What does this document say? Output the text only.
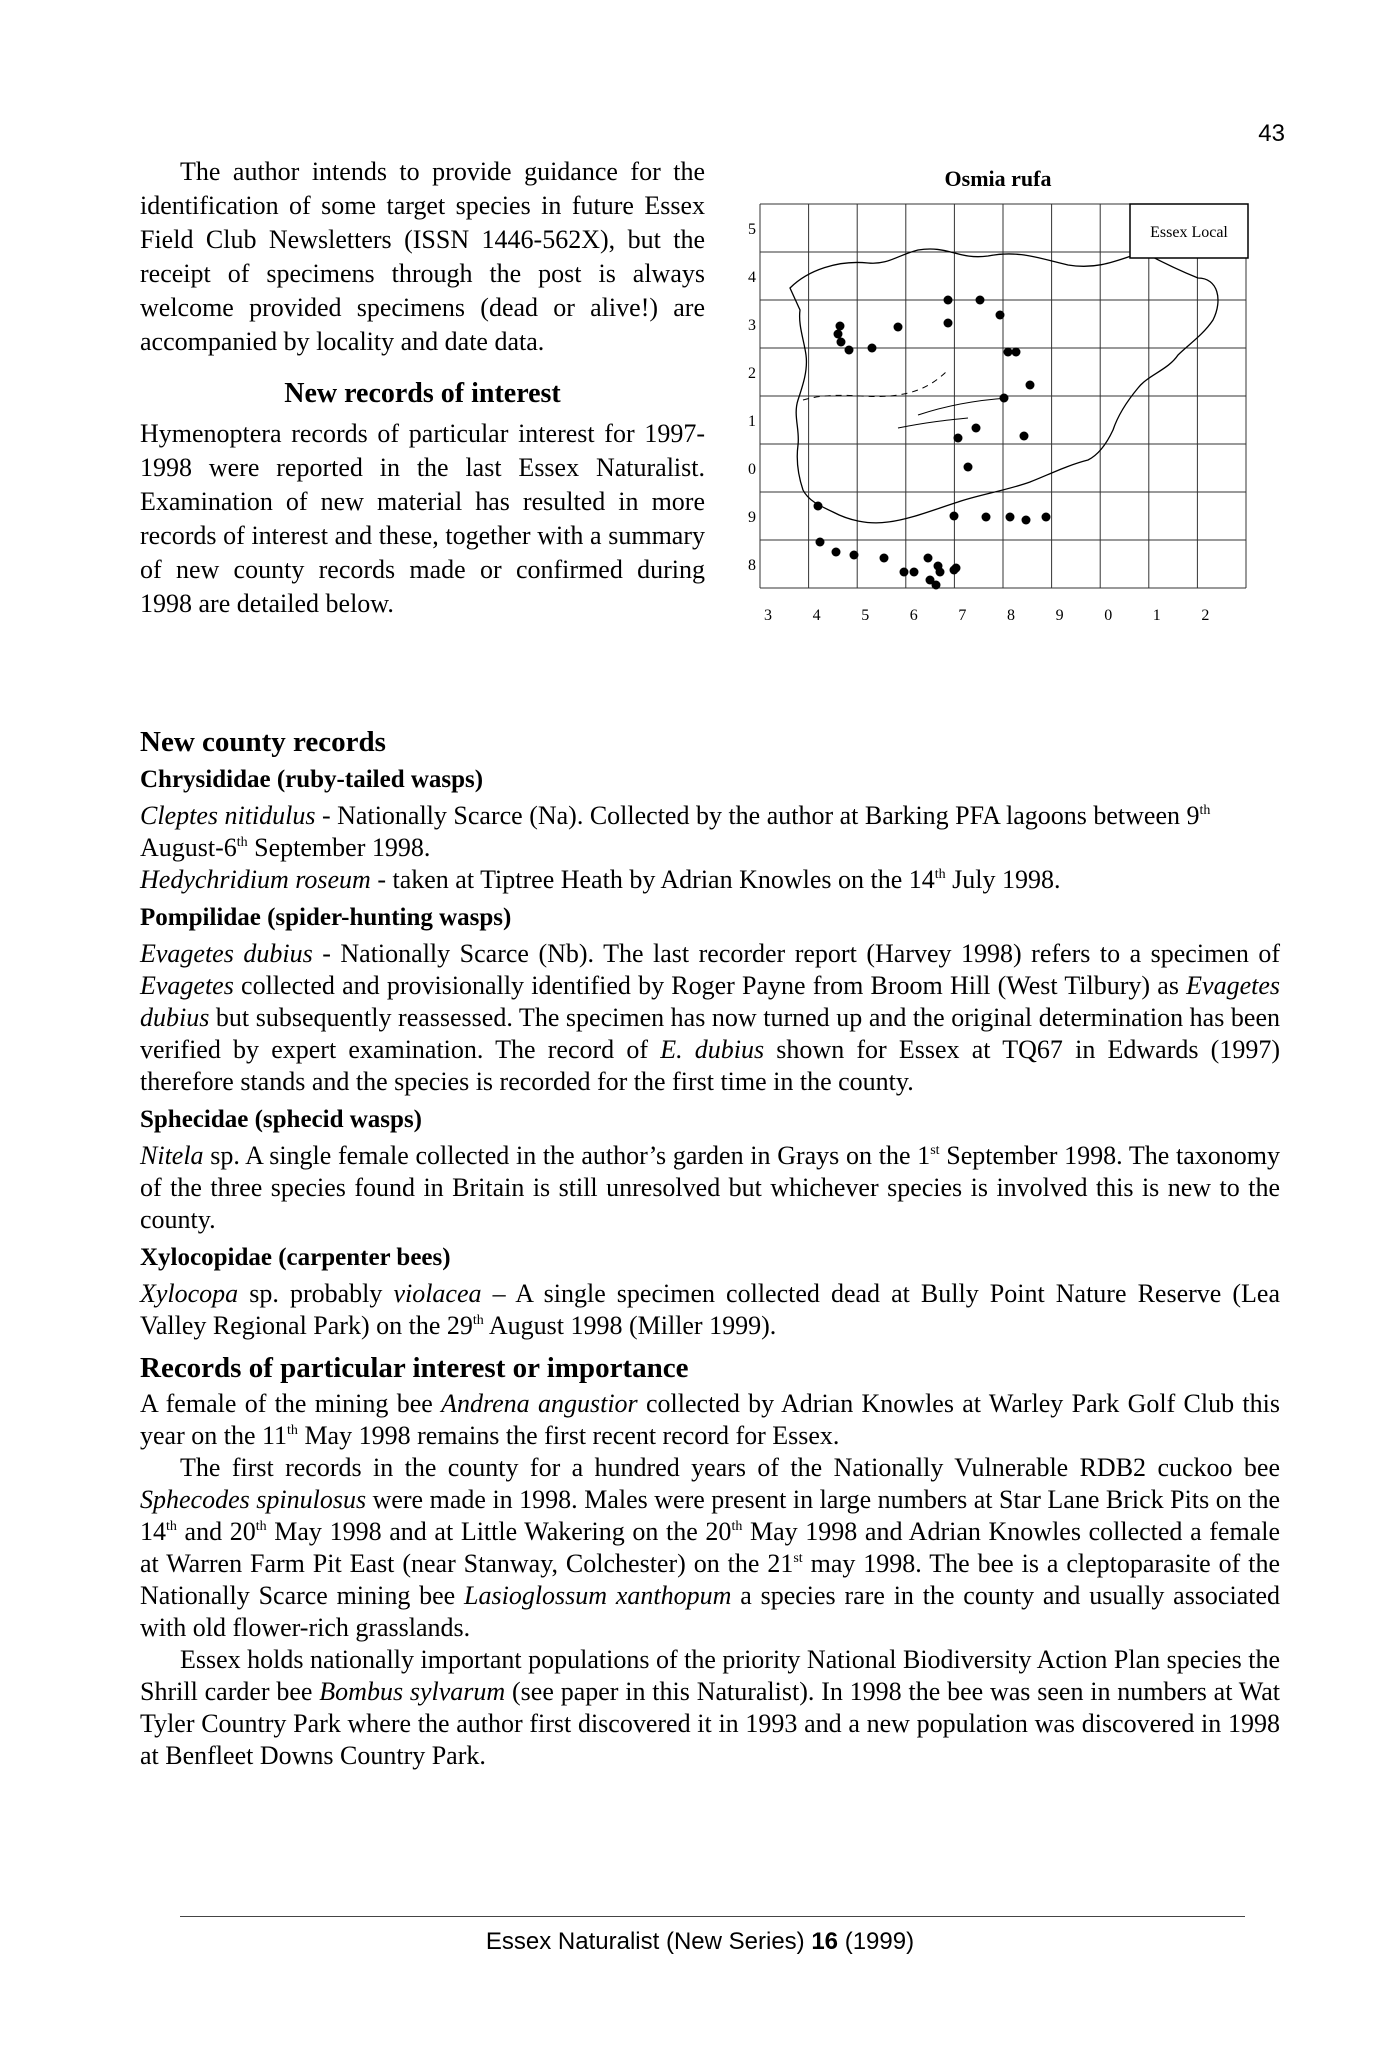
43

The author intends to provide guidance for the identification of some target species in future Essex Field Club Newsletters (ISSN 1446-562X), but the receipt of specimens through the post is always welcome provided specimens (dead or alive!) are accompanied by locality and date data.

New records of interest

Hymenoptera records of particular interest for 1997-1998 were reported in the last Essex Naturalist. Examination of new material has resulted in more records of interest and these, together with a summary of new county records made or confirmed during 1998 are detailed below.

Osmia rufa
5
4
3
2
1
0
9
8
3	4	5	6	7	8	9	0	1	2
Essex Local
New county records
Chrysididae (ruby-tailed wasps)

Cleptes nitidulus - Nationally Scarce (Na). Collected by the author at Barking PFA lagoons between 9th August-6th September 1998.

Hedychridium roseum - taken at Tiptree Heath by Adrian Knowles on the 14th July 1998.

Pompilidae (spider-hunting wasps)

Evagetes dubius - Nationally Scarce (Nb). The last recorder report (Harvey 1998) refers to a specimen of Evagetes collected and provisionally identified by Roger Payne from Broom Hill (West Tilbury) as Evagetes dubius but subsequently reassessed. The specimen has now turned up and the original determination has been verified by expert examination. The record of E. dubius shown for Essex at TQ67 in Edwards (1997) therefore stands and the species is recorded for the first time in the county.

Sphecidae (sphecid wasps)

Nitela sp. A single female collected in the author’s garden in Grays on the 1st September 1998. The taxonomy of the three species found in Britain is still unresolved but whichever species is involved this is new to the county.

Xylocopidae (carpenter bees)

Xylocopa sp. probably violacea – A single specimen collected dead at Bully Point Nature Reserve (Lea Valley Regional Park) on the 29th August 1998 (Miller 1999).

Records of particular interest or importance

A female of the mining bee Andrena angustior collected by Adrian Knowles at Warley Park Golf Club this year on the 11th May 1998 remains the first recent record for Essex.

The first records in the county for a hundred years of the Nationally Vulnerable RDB2 cuckoo bee Sphecodes spinulosus were made in 1998. Males were present in large numbers at Star Lane Brick Pits on the 14th and 20th May 1998 and at Little Wakering on the 20th May 1998 and Adrian Knowles collected a female at Warren Farm Pit East (near Stanway, Colchester) on the 21st may 1998. The bee is a cleptoparasite of the Nationally Scarce mining bee Lasioglossum xanthopum a species rare in the county and usually associated with old flower-rich grasslands.

Essex holds nationally important populations of the priority National Biodiversity Action Plan species the Shrill carder bee Bombus sylvarum (see paper in this Naturalist). In 1998 the bee was seen in numbers at Wat Tyler Country Park where the author first discovered it in 1993 and a new population was discovered in 1998 at Benfleet Downs Country Park.

Essex Naturalist (New Series) 16 (1999)
